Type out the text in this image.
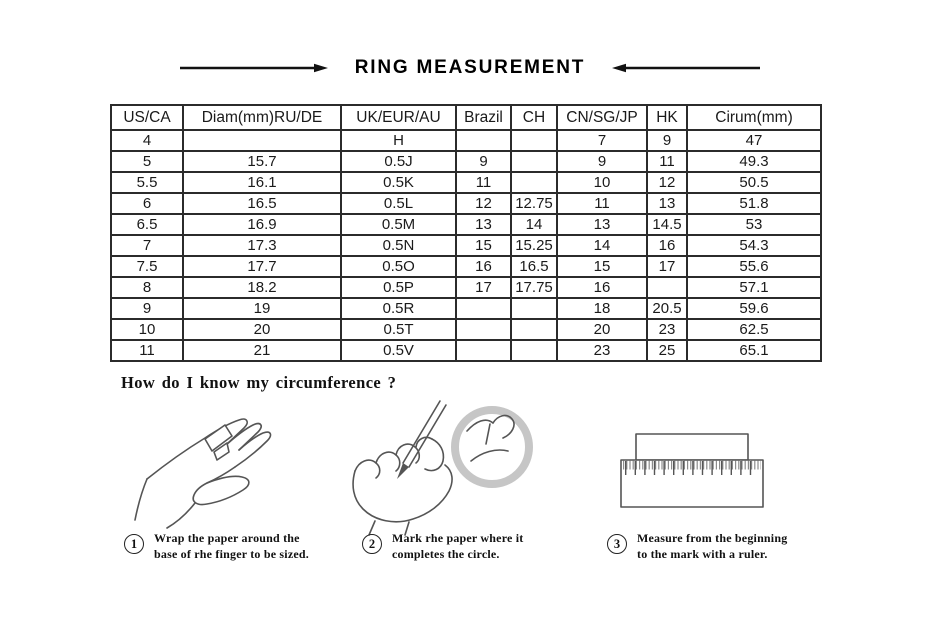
RING MEASUREMENT
US/CA	Diam(mm)RU/DE	UK/EUR/AU	Brazil	CH	CN/SG/JP	HK	Cirum(mm)
4		H			7	9	47
5	15.7	0.5J	9		9	11	49.3
5.5	16.1	0.5K	11		10	12	50.5
6	16.5	0.5L	12	12.75	11	13	51.8
6.5	16.9	0.5M	13	14	13	14.5	53
7	17.3	0.5N	15	15.25	14	16	54.3
7.5	17.7	0.5O	16	16.5	15	17	55.6
8	18.2	0.5P	17	17.75	16		57.1
9	19	0.5R			18	20.5	59.6
10	20	0.5T			20	23	62.5
11	21	0.5V			23	25	65.1
How do I know my circumference ?
1	Wrap the paper around the
base of rhe finger to be sized.
2	Mark rhe paper where it
completes the circle.
3	Measure from the beginning
to the mark with a ruler.
